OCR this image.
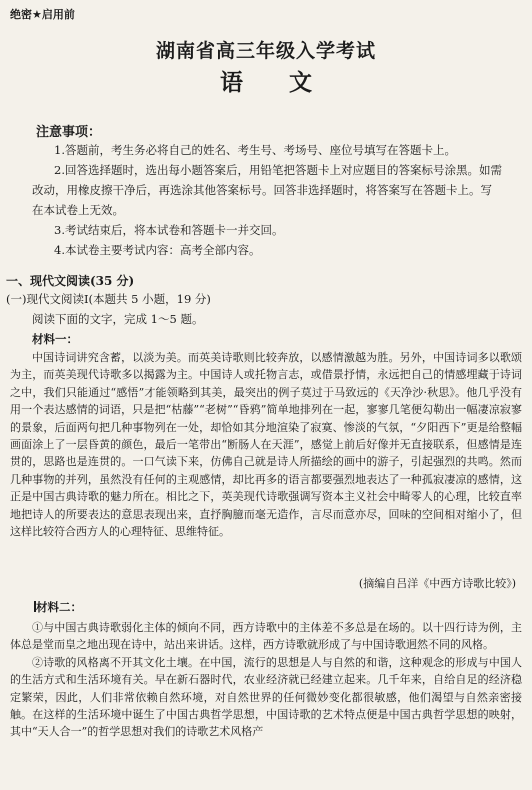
绝密★启用前
湖南省高三年级入学考试
语文
注意事项：

1.答题前，考生务必将自己的姓名、考生号、考场号、座位号填写在答题卡上。

2.回答选择题时，选出每小题答案后，用铅笔把答题卡上对应题目的答案标号涂黑。如需改动，用橡皮擦干净后，再选涂其他答案标号。回答非选择题时，将答案写在答题卡上。写在本试卷上无效。

3.考试结束后，将本试卷和答题卡一并交回。

4.本试卷主要考试内容：高考全部内容。

一、现代文阅读(35 分)
(一)现代文阅读Ⅰ(本题共 5 小题，19 分)
阅读下面的文字，完成 1～5 题。
材料一：

中国诗词讲究含蓄，以淡为美。而英美诗歌则比较奔放，以感情激越为胜。另外，中国诗词多以歌颂为主，而英美现代诗歌多以揭露为主。中国诗人或托物言志，或借景抒情，永远把自己的情感埋藏于诗词之中，我们只能通过“感悟”才能领略到其美，最突出的例子莫过于马致远的《天净沙·秋思》。他几乎没有用一个表达感情的词语，只是把“枯藤”“老树”“昏鸦”简单地排列在一起，寥寥几笔便勾勒出一幅凄凉寂寥的景象，后面两句把几种事物列在一处，却恰如其分地渲染了寂寞、惨淡的气氛，“夕阳西下”更是给整幅画面涂上了一层昏黄的颜色，最后一笔带出“断肠人在天涯”，感觉上前后好像并无直接联系，但感情是连贯的，思路也是连贯的。一口气读下来，仿佛自己就是诗人所描绘的画中的游子，引起强烈的共鸣。然而几种事物的并列，虽然没有任何的主观感情，却比再多的语言都要强烈地表达了一种孤寂凄凉的感情，这正是中国古典诗歌的魅力所在。相比之下，英美现代诗歌强调写资本主义社会中畸零人的心理，比较直率地把诗人的所要表达的意思表现出来，直抒胸臆而毫无造作，言尽而意亦尽，回味的空间相对缩小了，但这样比较符合西方人的心理特征、思维特征。

(摘编自吕洋《中西方诗歌比较》)
材料二：

①与中国古典诗歌弱化主体的倾向不同，西方诗歌中的主体差不多总是在场的。以十四行诗为例，主体总是堂而皇之地出现在诗中，站出来讲话。这样，西方诗歌就形成了与中国诗歌迥然不同的风格。

②诗歌的风格离不开其文化土壤。在中国，流行的思想是人与自然的和谐，这种观念的形成与中国人的生活方式和生活环境有关。早在新石器时代，农业经济就已经建立起来。几千年来，自给自足的经济稳定繁荣，因此，人们非常依赖自然环境，对自然世界的任何微妙变化都很敏感，他们渴望与自然亲密接触。在这样的生活环境中诞生了中国古典哲学思想，中国诗歌的艺术特点便是中国古典哲学思想的映射，其中“天人合一”的哲学思想对我们的诗歌艺术风格产
